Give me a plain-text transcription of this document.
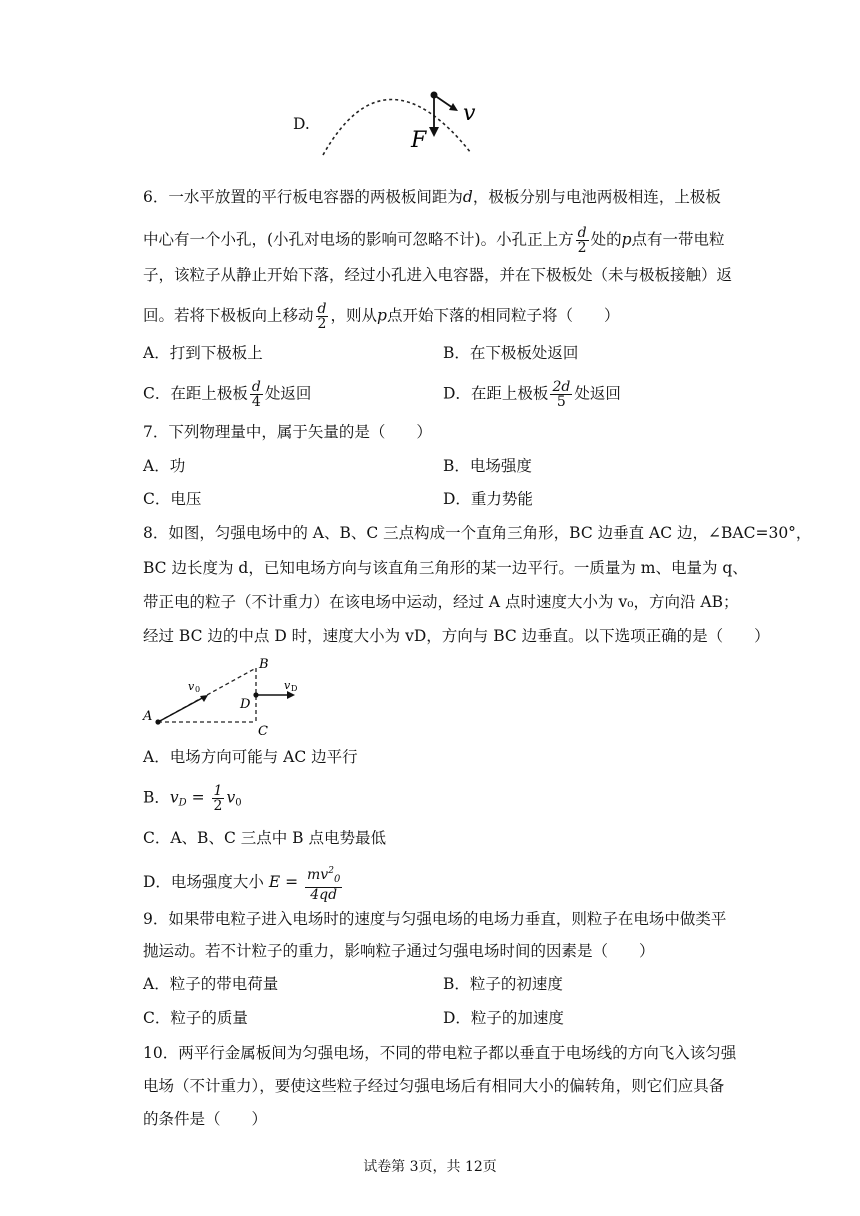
D.	v
F
6．一水平放置的平行板电容器的两极板间距为d，极板分别与电池两极相连，上极板
中心有一个小孔，(小孔对电场的影响可忽略不计)。小孔正上方 $\frac{d}{2}$ 处的p点有一带电粒
子，该粒子从静止开始下落，经过小孔进入电容器，并在下极板处（未与极板接触）返
回。若将下极板向上移动 $\frac{d}{2}$ ，则从p点开始下落的相同粒子将（　　）
A．打到下极板上	B．在下极板处返回
C．在距上极板 $\frac{d}{4}$ 处返回	D．在距上极板 $\frac{2d}{5}$ 处返回
7．下列物理量中，属于矢量的是（　　）
A．功	B．电场强度
C．电压	D．重力势能
8．如图，匀强电场中的 A、B、C 三点构成一个直角三角形，BC 边垂直 AC 边，∠BAC=30°，
BC 边长度为 d，已知电场方向与该直角三角形的某一边平行。一质量为 m、电量为 q、
带正电的粒子（不计重力）在该电场中运动，经过 A 点时速度大小为 v₀，方向沿 AB；
经过 BC 边的中点 D 时，速度大小为 vD，方向与 BC 边垂直。以下选项正确的是（　　）
A
B
C
D
v 0	v D
A．电场方向可能与 AC 边平行
B．$v_D = \frac{1}{2} v_0$
C．A、B、C 三点中 B 点电势最低
D．电场强度大小 $E = \frac{mv^2_0}{4qd}$
9．如果带电粒子进入电场时的速度与匀强电场的电场力垂直，则粒子在电场中做类平
抛运动。若不计粒子的重力，影响粒子通过匀强电场时间的因素是（　　）
A．粒子的带电荷量	B．粒子的初速度
C．粒子的质量	D．粒子的加速度
10．两平行金属板间为匀强电场，不同的带电粒子都以垂直于电场线的方向飞入该匀强
电场（不计重力），要使这些粒子经过匀强电场后有相同大小的偏转角，则它们应具备
的条件是（　　）
试卷第 3页，共 12页
